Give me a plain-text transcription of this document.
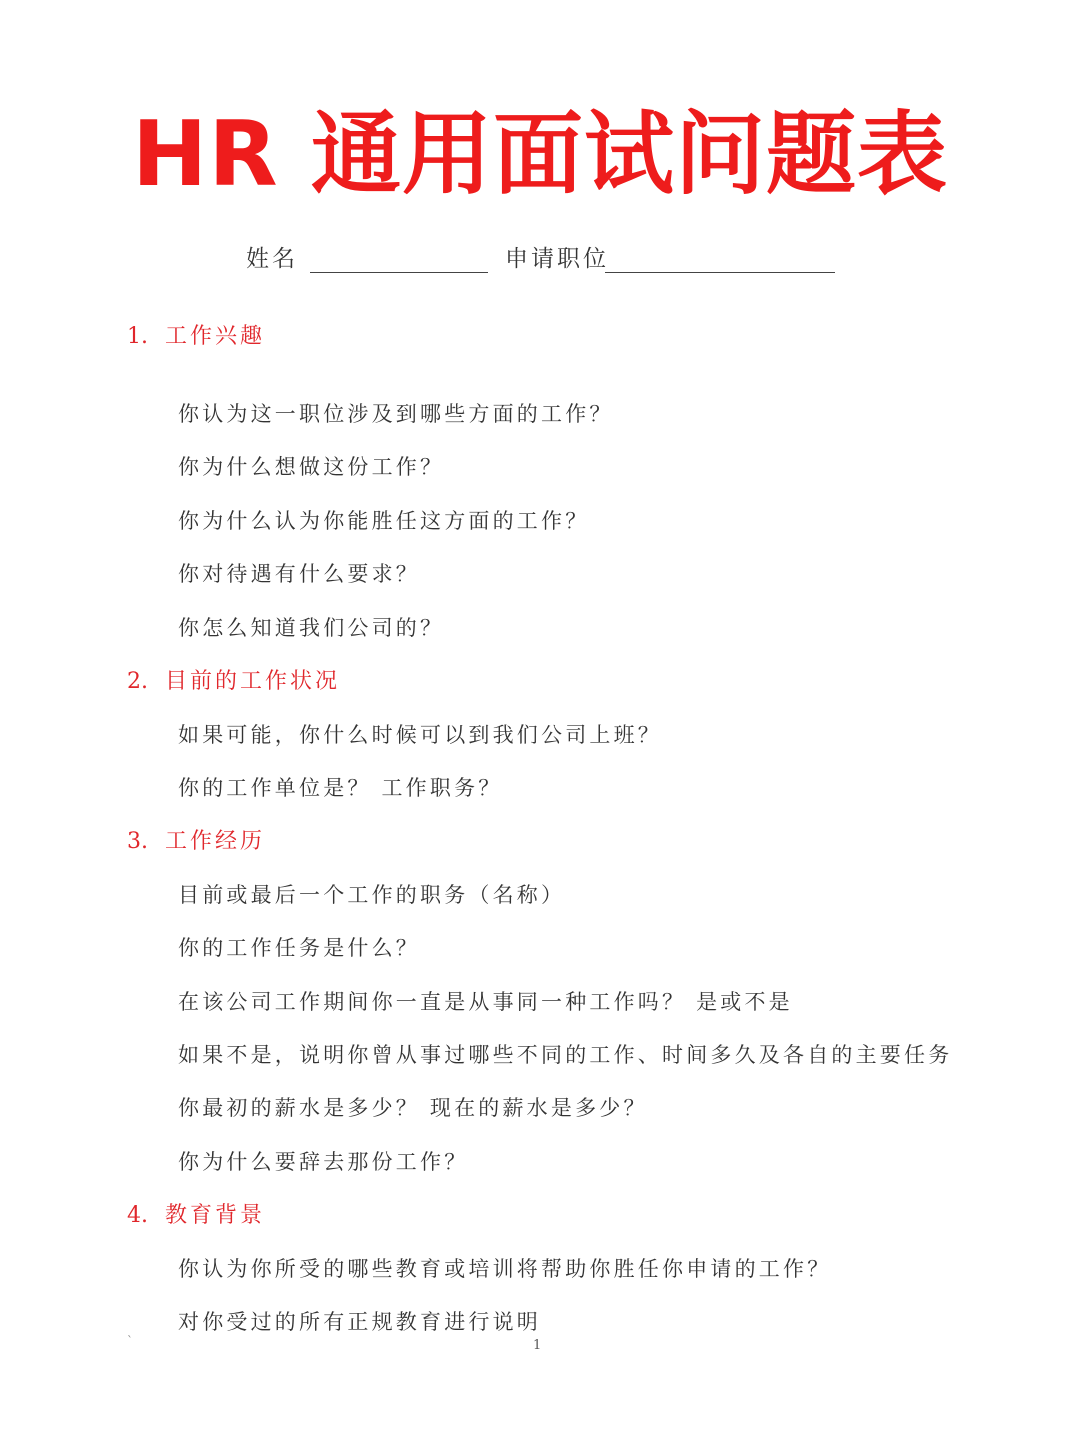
HR 通用面试问题表
姓名	申请职位
1. 工作兴趣
你认为这一职位涉及到哪些方面的工作？
你为什么想做这份工作？
你为什么认为你能胜任这方面的工作？
你对待遇有什么要求？
你怎么知道我们公司的？
2. 目前的工作状况
如果可能，你什么时候可以到我们公司上班？
你的工作单位是？ 工作职务？
3. 工作经历
目前或最后一个工作的职务（名称）
你的工作任务是什么？
在该公司工作期间你一直是从事同一种工作吗？ 是或不是
如果不是，说明你曾从事过哪些不同的工作、时间多久及各自的主要任务
你最初的薪水是多少？ 现在的薪水是多少？
你为什么要辞去那份工作？
4. 教育背景
你认为你所受的哪些教育或培训将帮助你胜任你申请的工作？
对你受过的所有正规教育进行说明
`	1
